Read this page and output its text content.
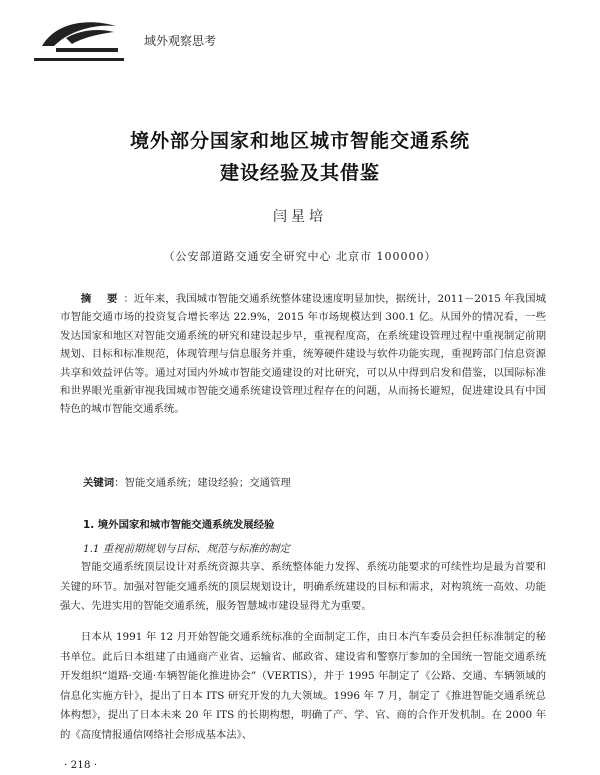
域外观察思考
境外部分国家和地区城市智能交通系统
建设经验及其借鉴
闫星培
（公安部道路交通安全研究中心 北京市 100000）

摘 要：近年来，我国城市智能交通系统整体建设速度明显加快，据统计，2011－2015 年我国城市智能交通市场的投资复合增长率达 22.9%，2015 年市场规模达到 300.1 亿。从国外的情况看，一些发达国家和地区对智能交通系统的研究和建设起步早，重视程度高，在系统建设管理过程中重视制定前期规划、目标和标准规范，体现管理与信息服务并重，统筹硬件建设与软件功能实现，重视跨部门信息资源共享和效益评估等。通过对国内外城市智能交通建设的对比研究，可以从中得到启发和借鉴，以国际标准和世界眼光重新审视我国城市智能交通系统建设管理过程存在的问题，从而扬长避短，促进建设具有中国特色的城市智能交通系统。

关键词：智能交通系统；建设经验；交通管理

1. 境外国家和城市智能交通系统发展经验

1.1 重视前期规划与目标、规范与标准的制定

智能交通系统顶层设计对系统资源共享、系统整体能力发挥、系统功能要求的可续性均是最为首要和关键的环节。加强对智能交通系统的顶层规划设计，明确系统建设的目标和需求，对构筑统一高效、功能强大、先进实用的智能交通系统，服务智慧城市建设显得尤为重要。

日本从 1991 年 12 月开始智能交通系统标准的全面制定工作，由日本汽车委员会担任标准制定的秘书单位。此后日本组建了由通商产业省、运输省、邮政省、建设省和警察厅参加的全国统一智能交通系统开发组织“道路·交通·车辆智能化推进协会”（VERTIS），并于 1995 年制定了《公路、交通、车辆领域的信息化实施方针》，提出了日本 ITS 研究开发的九大领域。1996 年 7 月，制定了《推进智能交通系统总体构想》，提出了日本未来 20 年 ITS 的长期构想，明确了产、学、官、商的合作开发机制。在 2000 年的《高度情报通信网络社会形成基本法》、

· 218 ·
